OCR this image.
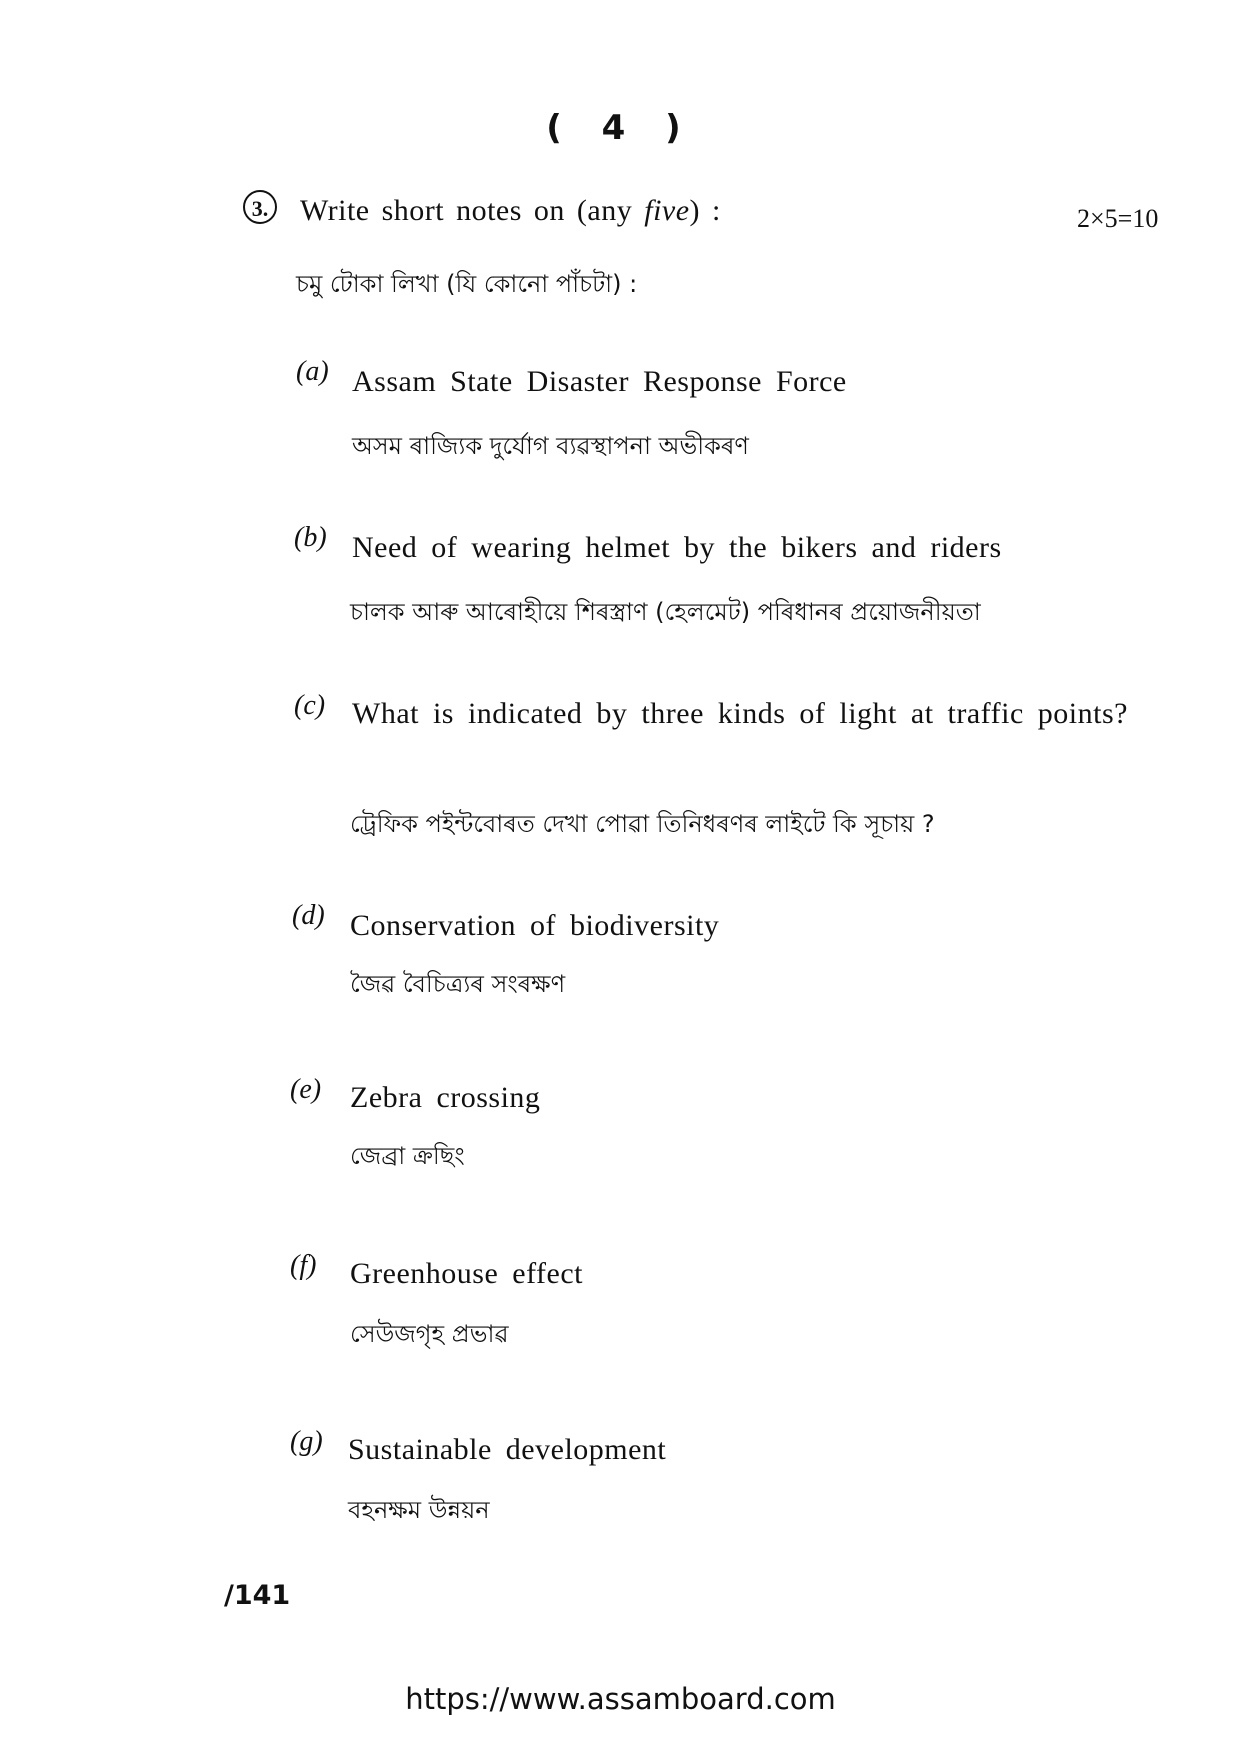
( 4 )
3. Write short notes on (any five) :	2×5=10
চমু টোকা লিখা (যি কোনো পাঁচটা) :
(a) Assam State Disaster Response Force
অসম ৰাজ্যিক দুৰ্যোগ ব্যৱস্থাপনা অভীকৰণ
(b) Need of wearing helmet by the bikers and riders
চালক আৰু আৰোহীয়ে শিৰস্ত্ৰাণ (হেলমেট) পৰিধানৰ প্ৰয়োজনীয়তা
(c) What is indicated by three kinds of light at traffic points?
ট্ৰেফিক পইন্টবোৰত দেখা পোৱা তিনিধৰণৰ লাইটে কি সূচায় ?
(d) Conservation of biodiversity
জৈৱ বৈচিত্ৰ্যৰ সংৰক্ষণ
(e) Zebra crossing
জেব্ৰা ক্ৰছিং
(f) Greenhouse effect
সেউজগৃহ প্ৰভাৱ
(g) Sustainable development
বহনক্ষম উন্নয়ন
/141
https://www.assamboard.com
